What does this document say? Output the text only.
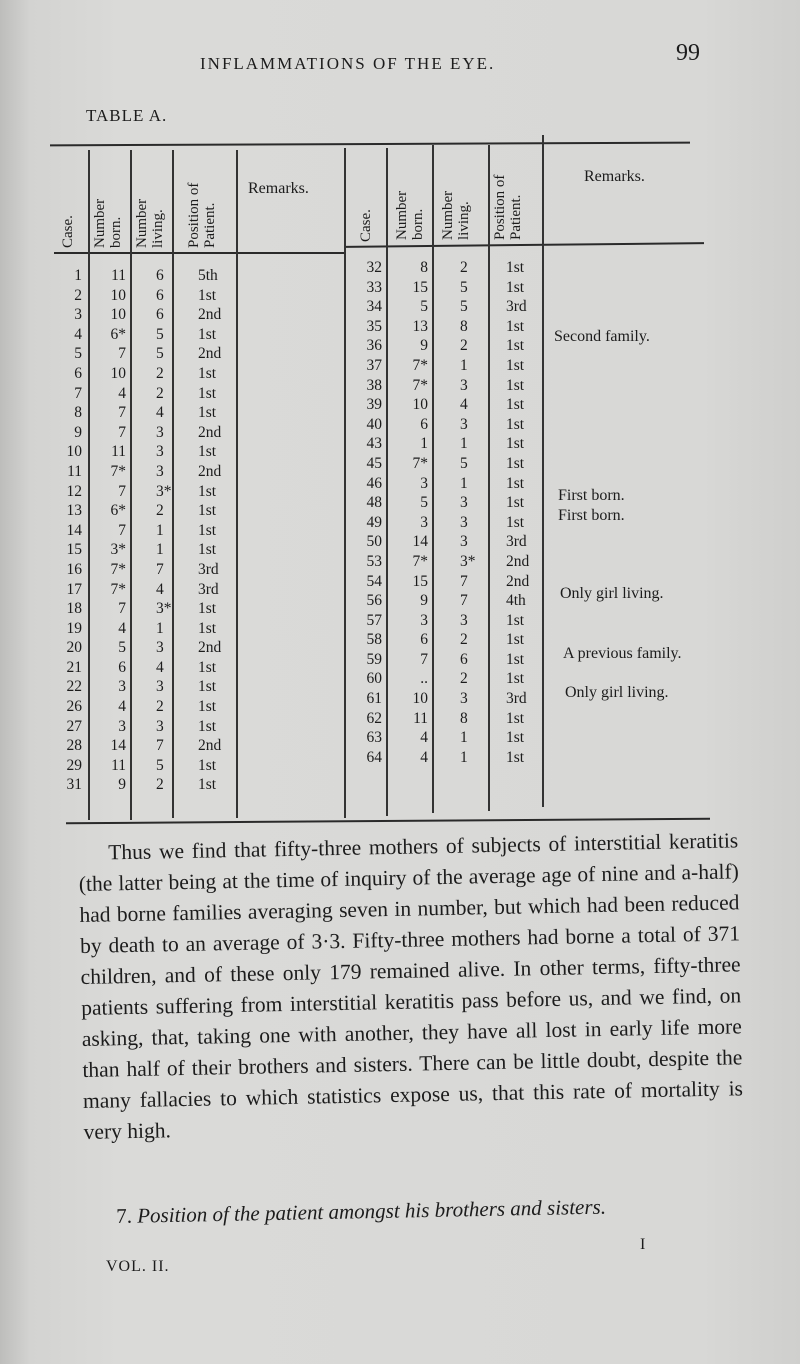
INFLAMMATIONS OF THE EYE.	99
TABLE A.
Case. Number
born. Number
living. Position of
Patient.
Remarks.
Case. Number
born. Number
living. Position of
Patient.
Remarks.
1
2
3
4
5
6
7
8
9
10
11
12
13
14
15
16
17
18
19
20
21
22
26
27
28
29
31
11
10
10
6*
7
10
4
7
7
11
7*
7
6*
7
3*
7*
7*
7
4
5
6
3
4
3
14
11
9
6
6
6
5
5
2
2
4
3
3
3
3*
2
1
1
7
4
3*
1
3
4
3
2
3
7
5
2
5th
1st
2nd
1st
2nd
1st
1st
1st
2nd
1st
2nd
1st
1st
1st
1st
3rd
3rd
1st
1st
2nd
1st
1st
1st
1st
2nd
1st
1st
32
33
34
35
36
37
38
39
40
43
45
46
48
49
50
53
54
56
57
58
59
60
61
62
63
64
8
15
5
13
9
7*
7*
10
6
1
7*
3
5
3
14
7*
15
9
3
6
7
..
10
11
4
4
2
5
5
8
2
1
3
4
3
1
5
1
3
3
3
3*
7
7
3
2
6
2
3
8
1
1
1st
1st
3rd
1st
1st
1st
1st
1st
1st
1st
1st
1st
1st
1st
3rd
2nd
2nd
4th
1st
1st
1st
1st
3rd
1st
1st
1st
Second family.
First born.
First born.
Only girl living.
A previous family.
Only girl living.
Thus we find that fifty-three mothers of subjects of interstitial keratitis (the latter being at the time of inquiry of the average age of nine and a-half) had borne families averaging seven in number, but which had been reduced by death to an average of 3·3. Fifty-three mothers had borne a total of 371 children, and of these only 179 remained alive. In other terms, fifty-three patients suffering from interstitial keratitis pass before us, and we find, on asking, that, taking one with another, they have all lost in early life more than half of their brothers and sisters. There can be little doubt, despite the many fallacies to which statistics expose us, that this rate of mortality is very high.
7. Position of the patient amongst his brothers and sisters.
I
VOL. II.
